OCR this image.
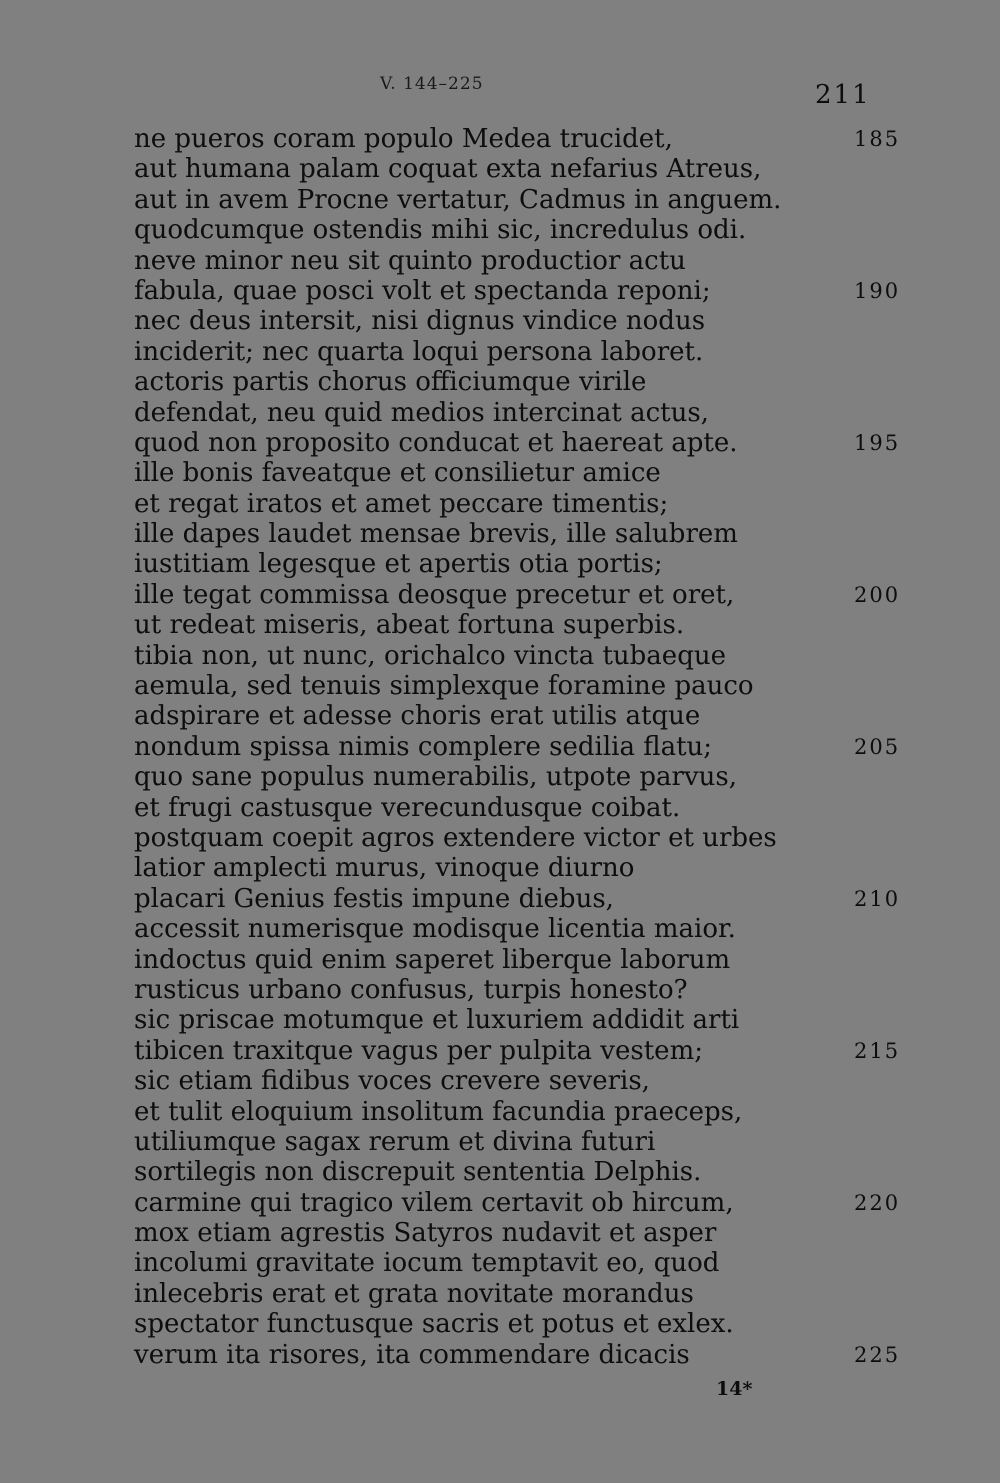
V. 144–225	211
ne pueros coram populo Medea trucidet,	185
aut humana palam coquat exta nefarius Atreus,
aut in avem Procne vertatur, Cadmus in anguem.
quodcumque ostendis mihi sic, incredulus odi.
neve minor neu sit quinto productior actu
fabula, quae posci volt et spectanda reponi;	190
nec deus intersit, nisi dignus vindice nodus
inciderit; nec quarta loqui persona laboret.
actoris partis chorus officiumque virile
defendat, neu quid medios intercinat actus,
quod non proposito conducat et haereat apte.	195
ille bonis faveatque et consilietur amice
et regat iratos et amet peccare timentis;
ille dapes laudet mensae brevis, ille salubrem
iustitiam legesque et apertis otia portis;
ille tegat commissa deosque precetur et oret,	200
ut redeat miseris, abeat fortuna superbis.
tibia non, ut nunc, orichalco vincta tubaeque
aemula, sed tenuis simplexque foramine pauco
adspirare et adesse choris erat utilis atque
nondum spissa nimis complere sedilia flatu;	205
quo sane populus numerabilis, utpote parvus,
et frugi castusque verecundusque coibat.
postquam coepit agros extendere victor et urbes
latior amplecti murus, vinoque diurno
placari Genius festis impune diebus,	210
accessit numerisque modisque licentia maior.
indoctus quid enim saperet liberque laborum
rusticus urbano confusus, turpis honesto?
sic priscae motumque et luxuriem addidit arti
tibicen traxitque vagus per pulpita vestem;	215
sic etiam fidibus voces crevere severis,
et tulit eloquium insolitum facundia praeceps,
utiliumque sagax rerum et divina futuri
sortilegis non discrepuit sententia Delphis.
carmine qui tragico vilem certavit ob hircum,	220
mox etiam agrestis Satyros nudavit et asper
incolumi gravitate iocum temptavit eo, quod
inlecebris erat et grata novitate morandus
spectator functusque sacris et potus et exlex.
verum ita risores, ita commendare dicacis	225
14*
